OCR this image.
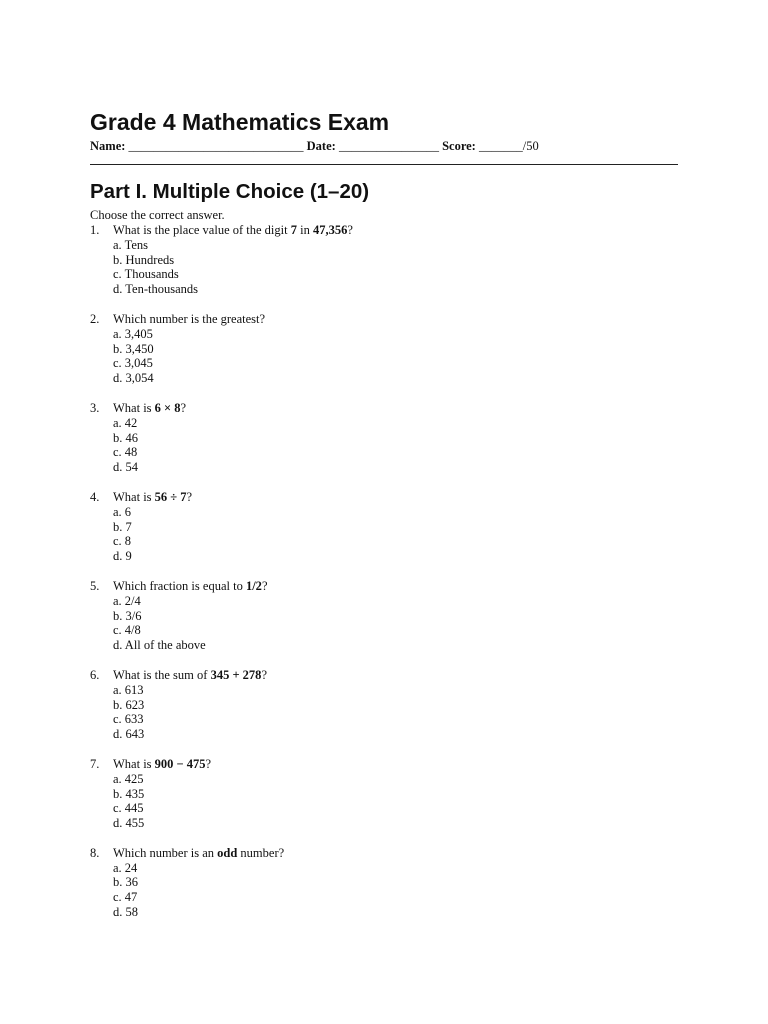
Grade 4 Mathematics Exam
Name: ____________________________ Date: ________________ Score: _______/50
Part I. Multiple Choice (1–20)
Choose the correct answer.
1.	What is the place value of the digit 7 in 47,356?
a. Tens
b. Hundreds
c. Thousands
d. Ten-thousands
2.	Which number is the greatest?
a. 3,405
b. 3,450
c. 3,045
d. 3,054
3.	What is 6 × 8?
a. 42
b. 46
c. 48
d. 54
4.	What is 56 ÷ 7?
a. 6
b. 7
c. 8
d. 9
5.	Which fraction is equal to 1/2?
a. 2/4
b. 3/6
c. 4/8
d. All of the above
6.	What is the sum of 345 + 278?
a. 613
b. 623
c. 633
d. 643
7.	What is 900 − 475?
a. 425
b. 435
c. 445
d. 455
8.	Which number is an odd number?
a. 24
b. 36
c. 47
d. 58
